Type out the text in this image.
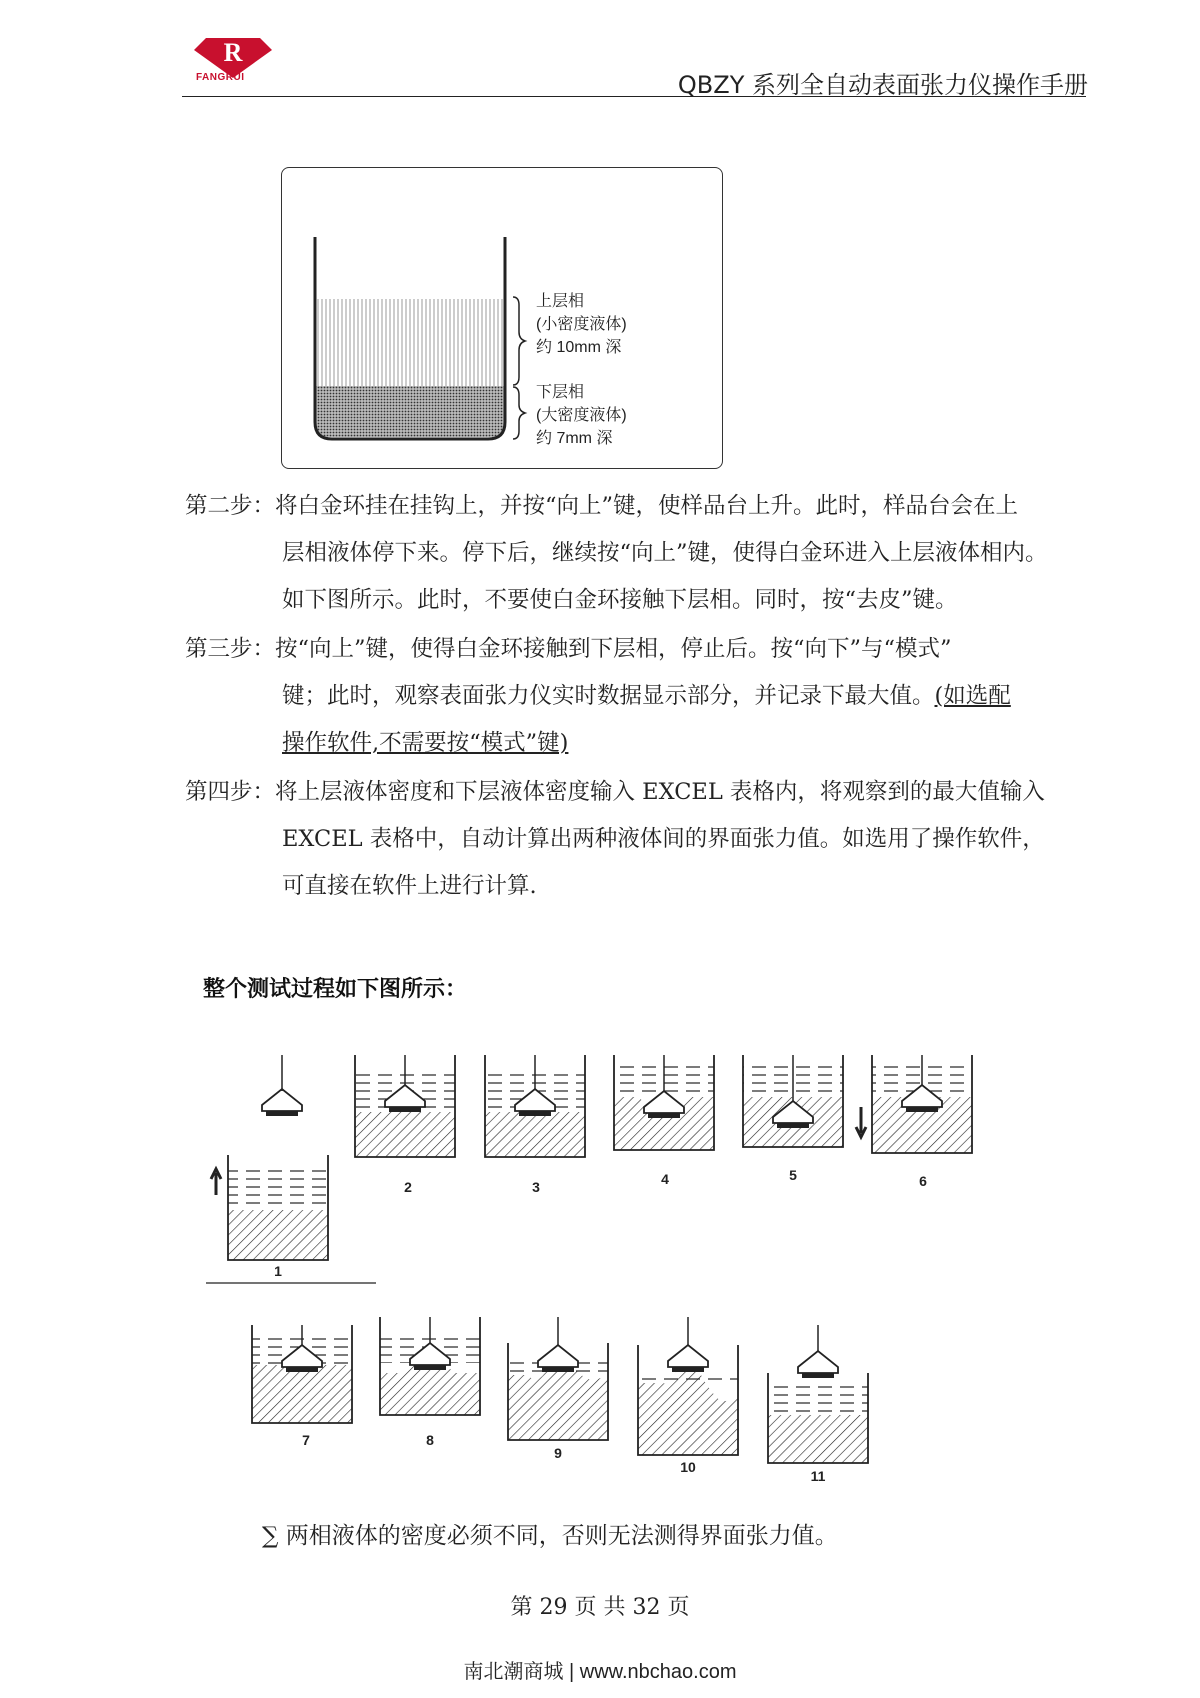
R
FANGRUI	QBZY 系列全自动表面张力仪操作手册
上层相
(小密度液体)
约 10mm 深
下层相
(大密度液体)
约 7mm 深
第二步：将白金环挂在挂钩上，并按“向上”键，使样品台上升。此时，样品台会在上
层相液体停下来。停下后，继续按“向上”键，使得白金环进入上层液体相内。
如下图所示。此时，不要使白金环接触下层相。同时，按“去皮”键。
第三步：按“向上”键，使得白金环接触到下层相，停止后。按“向下”与“模式”
键；此时，观察表面张力仪实时数据显示部分，并记录下最大值。(如选配
操作软件,不需要按“模式”键)
第四步：将上层液体密度和下层液体密度输入 EXCEL 表格内，将观察到的最大值输入
EXCEL 表格中，自动计算出两种液体间的界面张力值。如选用了操作软件，
可直接在软件上进行计算.
整个测试过程如下图所示：
1
2	3	4	5	6
7	8
9
10
11
∑ 两相液体的密度必须不同，否则无法测得界面张力值。
第 29 页 共 32 页
南北潮商城 | www.nbchao.com
